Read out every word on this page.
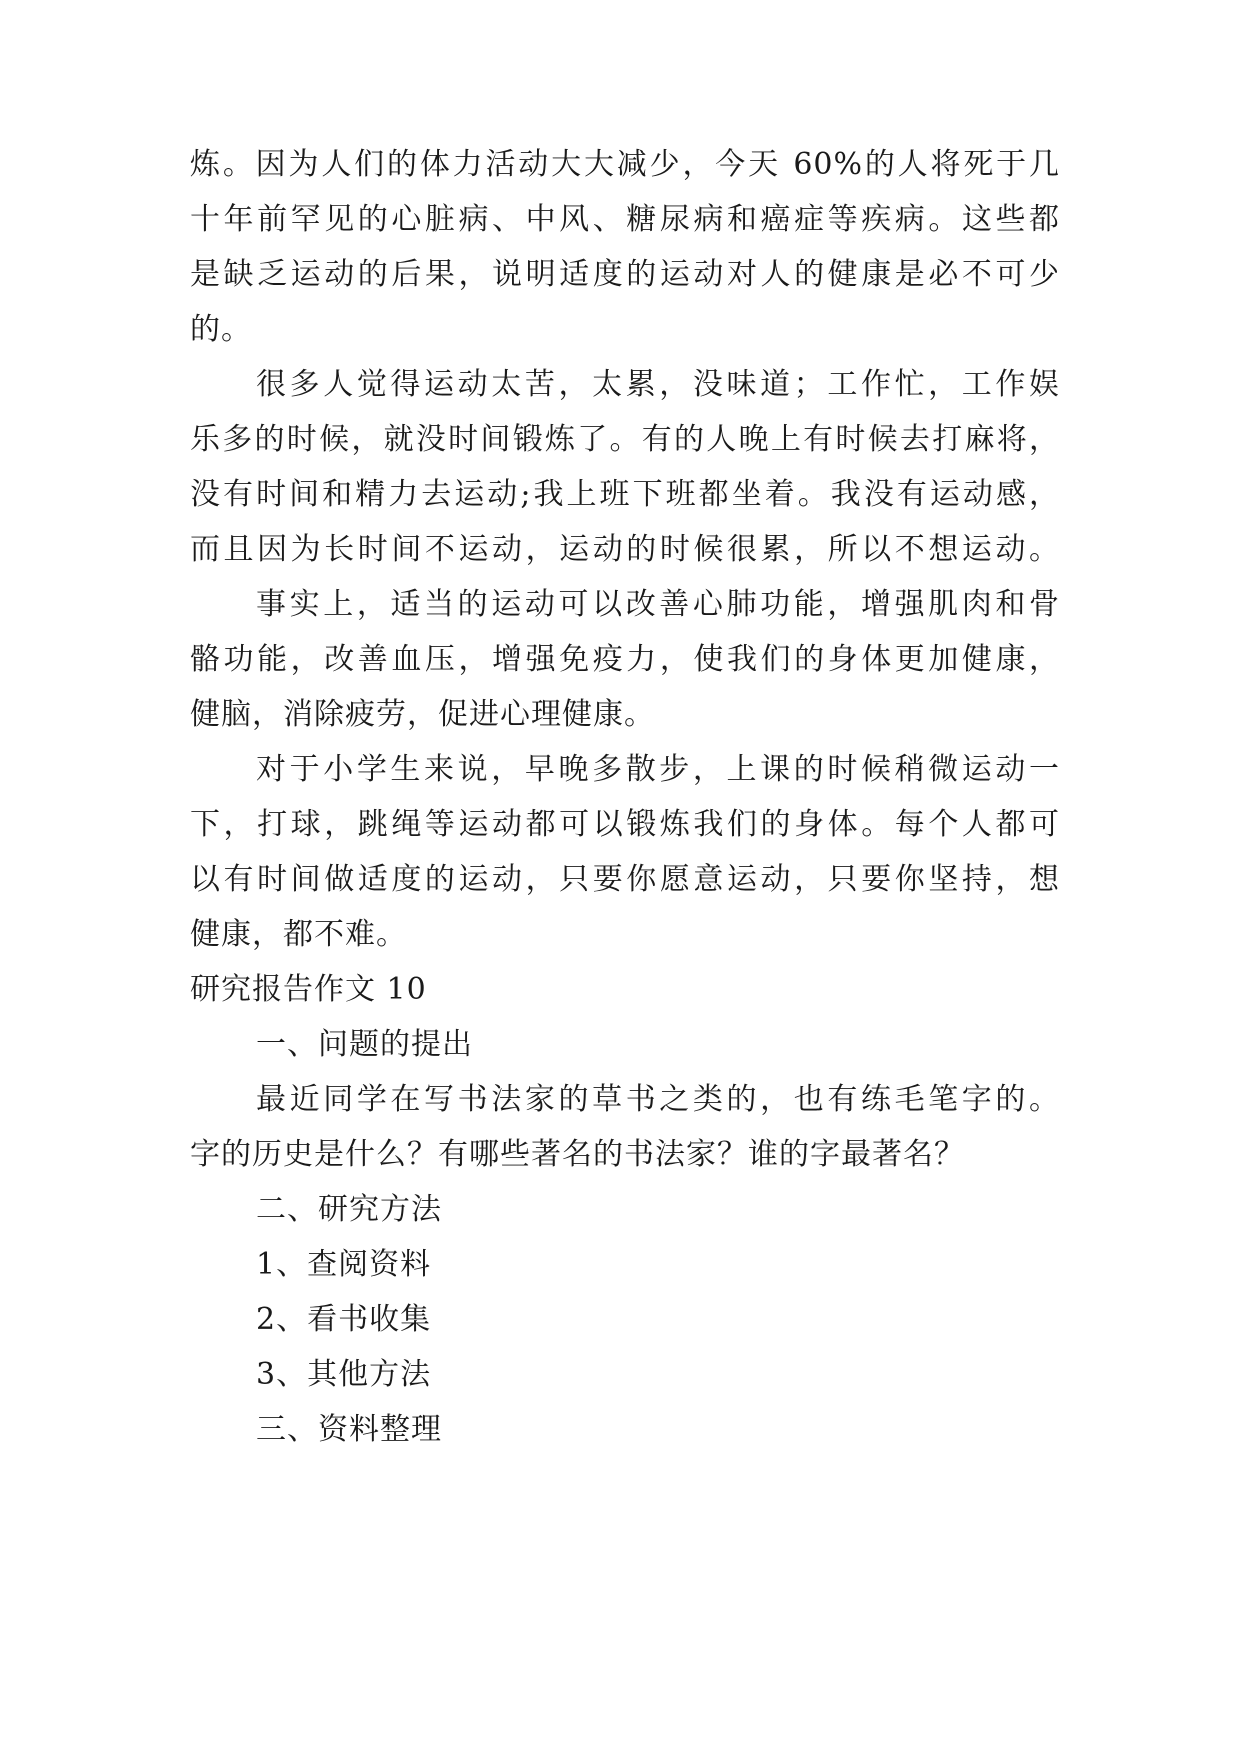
炼。因为人们的体力活动大大减少，今天 60%的人将死于几
十年前罕见的心脏病、中风、糖尿病和癌症等疾病。这些都
是缺乏运动的后果，说明适度的运动对人的健康是必不可少
的。
很多人觉得运动太苦，太累，没味道；工作忙，工作娱
乐多的时候，就没时间锻炼了。有的人晚上有时候去打麻将，
没有时间和精力去运动;我上班下班都坐着。我没有运动感，
而且因为长时间不运动，运动的时候很累，所以不想运动。
事实上，适当的运动可以改善心肺功能，增强肌肉和骨
骼功能，改善血压，增强免疫力，使我们的身体更加健康，
健脑，消除疲劳，促进心理健康。
对于小学生来说，早晚多散步，上课的时候稍微运动一
下，打球，跳绳等运动都可以锻炼我们的身体。每个人都可
以有时间做适度的运动，只要你愿意运动，只要你坚持，想
健康，都不难。
研究报告作文 10
一、问题的提出
最近同学在写书法家的草书之类的，也有练毛笔字的。
字的历史是什么？有哪些著名的书法家？谁的字最著名？
二、研究方法
1、查阅资料
2、看书收集
3、其他方法
三、资料整理
